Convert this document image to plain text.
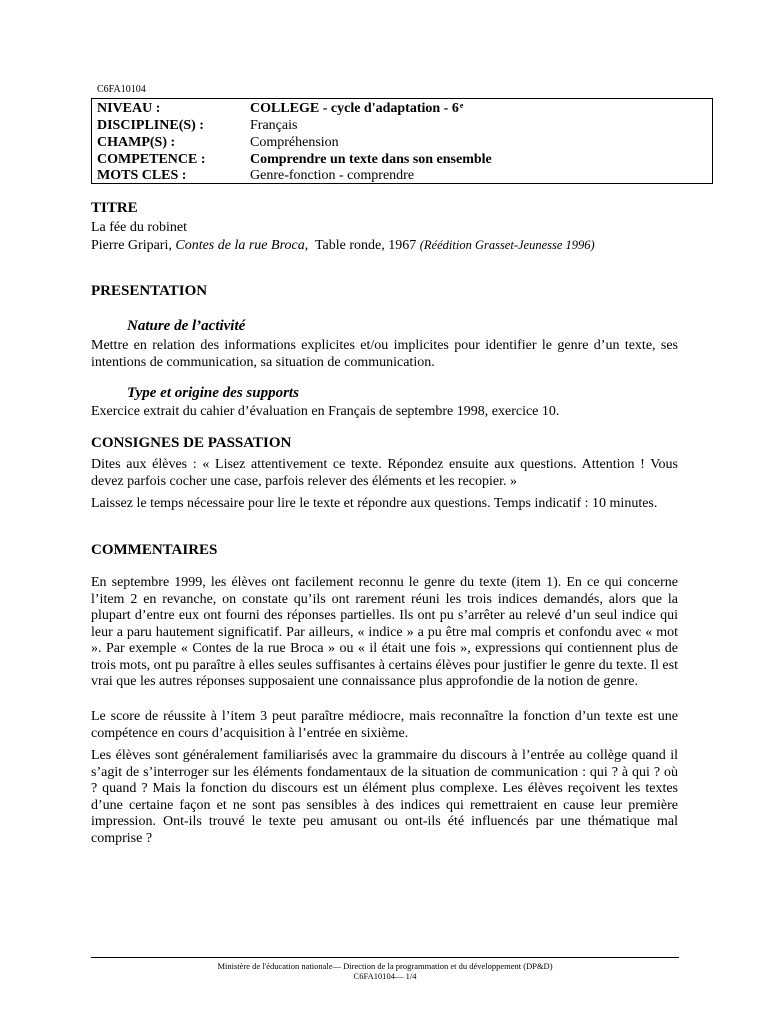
C6FA10104
NIVEAU :	COLLEGE - cycle d'adaptation - 6e
DISCIPLINE(S) :	Français
CHAMP(S) :	Compréhension
COMPETENCE :	Comprendre un texte dans son ensemble
MOTS CLES :	Genre-fonction - comprendre
TITRE
La fée du robinet
Pierre Gripari, Contes de la rue Broca, Table ronde, 1967 (Réédition Grasset-Jeunesse 1996)
PRESENTATION
Nature de l’activité
Mettre en relation des informations explicites et/ou implicites pour identifier le genre d’un texte, ses intentions de communication, sa situation de communication.
Type et origine des supports
Exercice extrait du cahier d’évaluation en Français de septembre 1998, exercice 10.
CONSIGNES DE PASSATION
Dites aux élèves : « Lisez attentivement ce texte. Répondez ensuite aux questions. Attention ! Vous devez parfois cocher une case, parfois relever des éléments et les recopier. »
Laissez le temps nécessaire pour lire le texte et répondre aux questions. Temps indicatif : 10 minutes.
COMMENTAIRES
En septembre 1999, les élèves ont facilement reconnu le genre du texte (item 1). En ce qui concerne l’item 2 en revanche, on constate qu’ils ont rarement réuni les trois indices demandés, alors que la plupart d’entre eux ont fourni des réponses partielles. Ils ont pu s’arrêter au relevé d’un seul indice qui leur a paru hautement significatif. Par ailleurs, « indice » a pu être mal compris et confondu avec « mot ». Par exemple « Contes de la rue Broca » ou « il était une fois », expressions qui contiennent plus de trois mots, ont pu paraître à elles seules suffisantes à certains élèves pour justifier le genre du texte. Il est vrai que les autres réponses supposaient une connaissance plus approfondie de la notion de genre.
Le score de réussite à l’item 3 peut paraître médiocre, mais reconnaître la fonction d’un texte est une compétence en cours d’acquisition à l’entrée en sixième.
Les élèves sont généralement familiarisés avec la grammaire du discours à l’entrée au collège quand il s’agit de s’interroger sur les éléments fondamentaux de la situation de communication : qui ? à qui ? où ? quand ? Mais la fonction du discours est un élément plus complexe. Les élèves reçoivent les textes d’une certaine façon et ne sont pas sensibles à des indices qui remettraient en cause leur première impression. Ont-ils trouvé le texte peu amusant ou ont-ils été influencés par une thématique mal comprise ?
Ministère de l'éducation nationale— Direction de la programmation et du développement (DP&D)
C6FA10104— 1/4
